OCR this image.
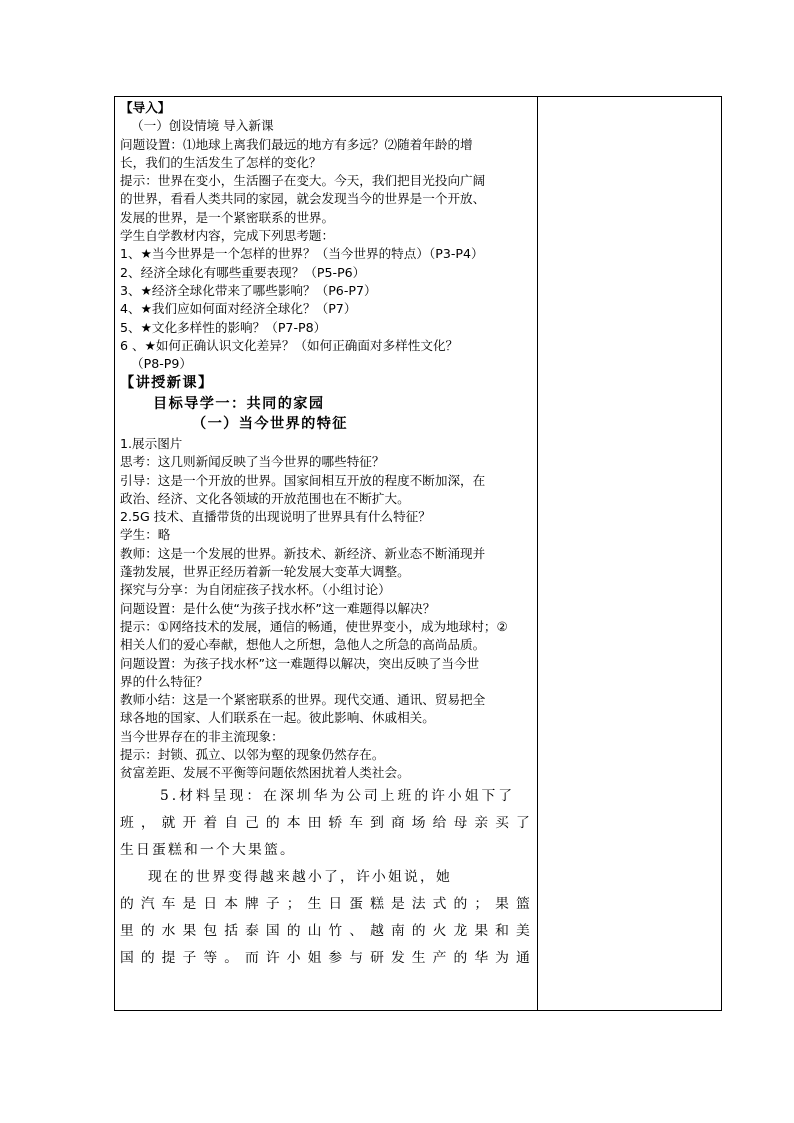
【导入】
（一）创设情境 导入新课
问题设置：⑴地球上离我们最远的地方有多远？⑵随着年龄的增
长，我们的生活发生了怎样的变化？
提示：世界在变小，生活圈子在变大。今天，我们把目光投向广阔
的世界，看看人类共同的家园，就会发现当今的世界是一个开放、
发展的世界，是一个紧密联系的世界。
学生自学教材内容，完成下列思考题：
1、★当今世界是一个怎样的世界？（当今世界的特点）（P3-P4）
2、经济全球化有哪些重要表现？（P5-P6）
3、★经济全球化带来了哪些影响？（P6-P7）
4、★我们应如何面对经济全球化？（P7）
5、★文化多样性的影响？（P7-P8）
6 、★如何正确认识文化差异？（如何正确面对多样性文化？
（P8-P9）
【讲授新课】
目标导学一：共同的家园
（一）当今世界的特征
1.展示图片
思考：这几则新闻反映了当今世界的哪些特征？
引导：这是一个开放的世界。国家间相互开放的程度不断加深，在
政治、经济、文化各领域的开放范围也在不断扩大。
2.5G 技术、直播带货的出现说明了世界具有什么特征？
学生：略
教师：这是一个发展的世界。新技术、新经济、新业态不断涌现并
蓬勃发展，世界正经历着新一轮发展大变革大调整。
探究与分享：为自闭症孩子找水杯。（小组讨论）
问题设置：是什么使“为孩子找水杯”这一难题得以解决？
提示：①网络技术的发展，通信的畅通，使世界变小，成为地球村；②
相关人们的爱心奉献，想他人之所想，急他人之所急的高尚品质。
问题设置：为孩子找水杯”这一难题得以解决，突出反映了当今世
界的什么特征？
教师小结：这是一个紧密联系的世界。现代交通、通讯、贸易把全
球各地的国家、人们联系在一起。彼此影响、休戚相关。
当今世界存在的非主流现象：
提示：封锁、孤立、以邻为壑的现象仍然存在。
贫富差距、发展不平衡等问题依然困扰着人类社会。
5.材料呈现：在深圳华为公司上班的许小姐下了
班，就开着自己的本田轿车到商场给母亲买了
生日蛋糕和一个大果篮。
现在的世界变得越来越小了，许小姐说，她
的汽车是日本牌子；生日蛋糕是法式的；果篮
里的水果包括泰国的山竹、越南的火龙果和美
国的提子等。而许小姐参与研发生产的华为通
